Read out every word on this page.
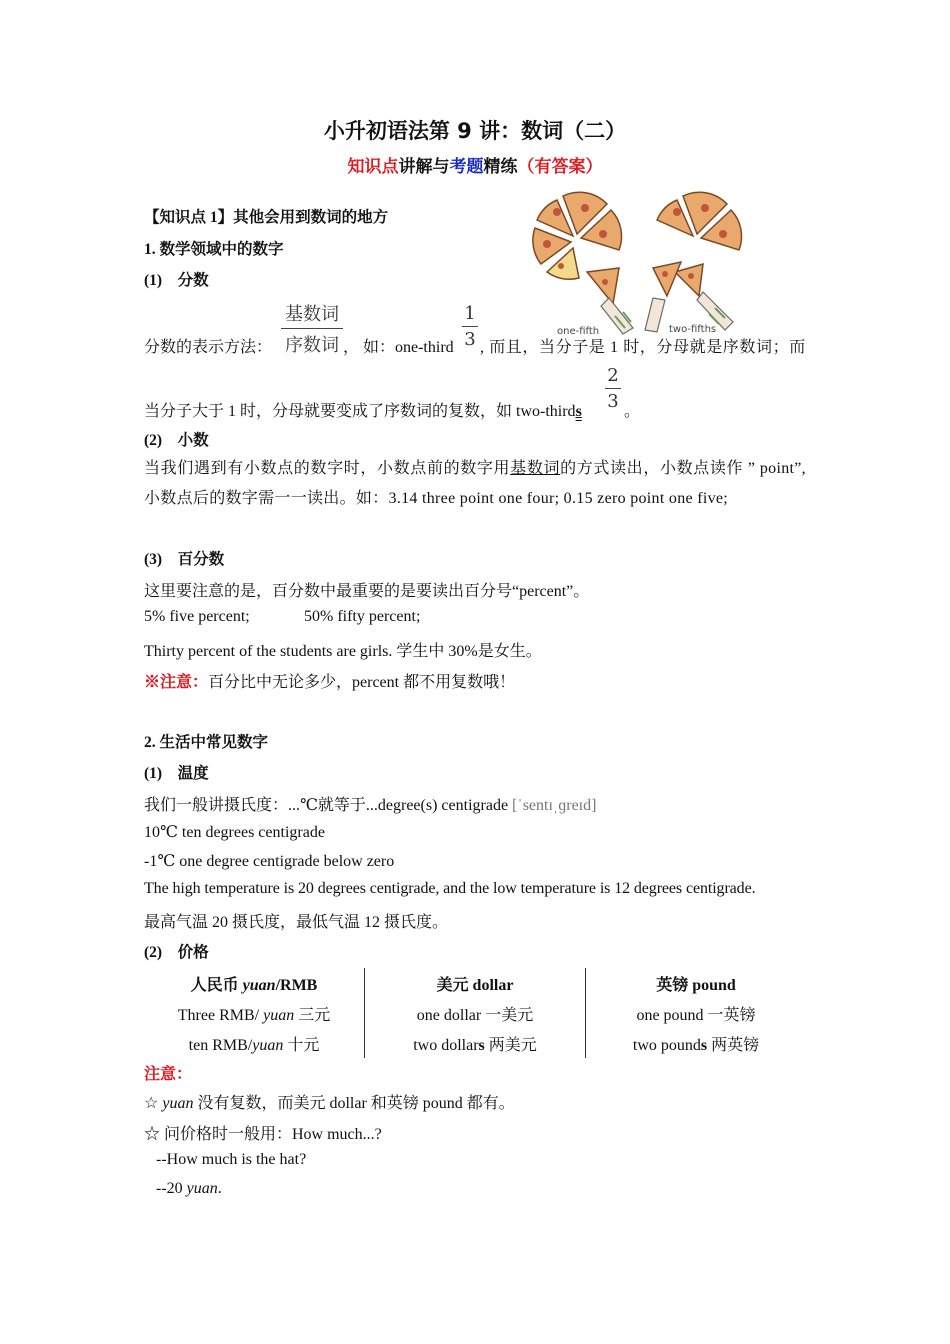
小升初语法第 9 讲：数词（二）
知识点讲解与考题精练（有答案）
one-fifth	two-fifths
【知识点 1】其他会用到数词的地方
1. 数学领域中的数字
(1)　分数
分数的表示方法：
基数词
序数词 ， 如：one-third
1
3 , 而且，当分子是 1 时，分母就是序数词；而
当分子大于 1 时，分母就要变成了序数词的复数，如 two-thirds
2
3 。
(2)　小数
当我们遇到有小数点的数字时，小数点前的数字用基数词的方式读出，小数点读作 ” point”, 小数点后的数字需一一读出。如：3.14 three point one four; 0.15 zero point one five;
(3)　百分数
这里要注意的是，百分数中最重要的是要读出百分号“percent”。
5% five percent;	50% fifty percent;
Thirty percent of the students are girls. 学生中 30%是女生。
※注意：百分比中无论多少，percent 都不用复数哦！
2. 生活中常见数字
(1)　温度
我们一般讲摄氏度：...℃就等于...degree(s) centigrade [ˈsentɪˌɡreɪd]
10℃ ten degrees centigrade
-1℃ one degree centigrade below zero
The high temperature is 20 degrees centigrade, and the low temperature is 12 degrees centigrade.
最高气温 20 摄氏度，最低气温 12 摄氏度。
(2)　价格
人民币 yuan/RMB	美元 dollar	英镑 pound
Three RMB/ yuan 三元	one dollar 一美元	one pound 一英镑
ten RMB/yuan 十元	two dollars 两美元	two pounds 两英镑
注意：
☆ yuan 没有复数，而美元 dollar 和英镑 pound 都有。
☆ 问价格时一般用：How much...?
--How much is the hat?
--20 yuan.
